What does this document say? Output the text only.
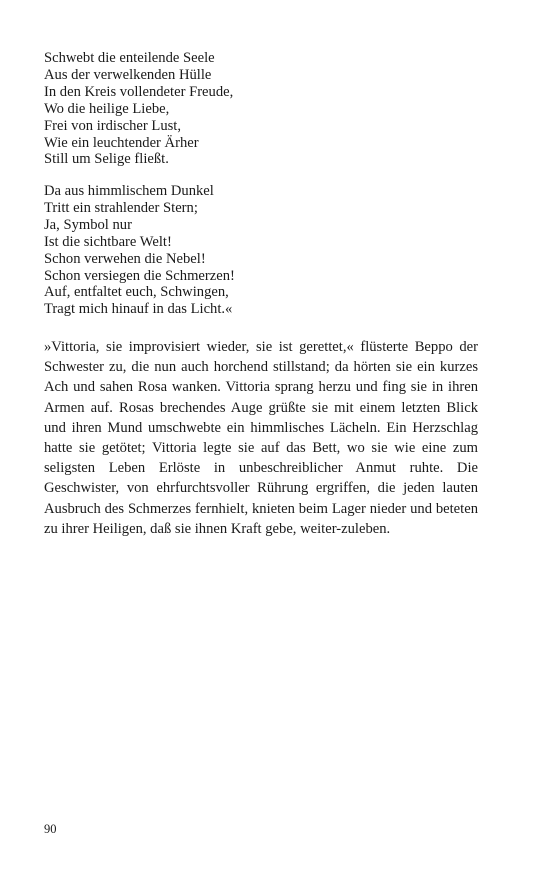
Schwebt die enteilende Seele
Aus der verwelkenden Hülle
In den Kreis vollendeter Freude,
Wo die heilige Liebe,
Frei von irdischer Lust,
Wie ein leuchtender Ärher
Still um Selige fließt.
Da aus himmlischem Dunkel
Tritt ein strahlender Stern;
Ja, Symbol nur
Ist die sichtbare Welt!
Schon verwehen die Nebel!
Schon versiegen die Schmerzen!
Auf, entfaltet euch, Schwingen,
Tragt mich hinauf in das Licht.«

»Vittoria, sie improvisiert wieder, sie ist gerettet,« flüsterte Beppo der Schwester zu, die nun auch horchend stillstand; da hörten sie ein kurzes Ach und sahen Rosa wanken. Vittoria sprang herzu und fing sie in ihren Armen auf. Rosas brechendes Auge grüßte sie mit einem letzten Blick und ihren Mund umschwebte ein himmlisches Lächeln. Ein Herzschlag hatte sie getötet; Vittoria legte sie auf das Bett, wo sie wie eine zum seligsten Leben Erlöste in unbeschreiblicher Anmut ruhte. Die Geschwister, von ehrfurchtsvoller Rührung ergriffen, die jeden lauten Ausbruch des Schmerzes fernhielt, knieten beim Lager nieder und beteten zu ihrer Heiligen, daß sie ihnen Kraft gebe, weiter-zuleben.

90
